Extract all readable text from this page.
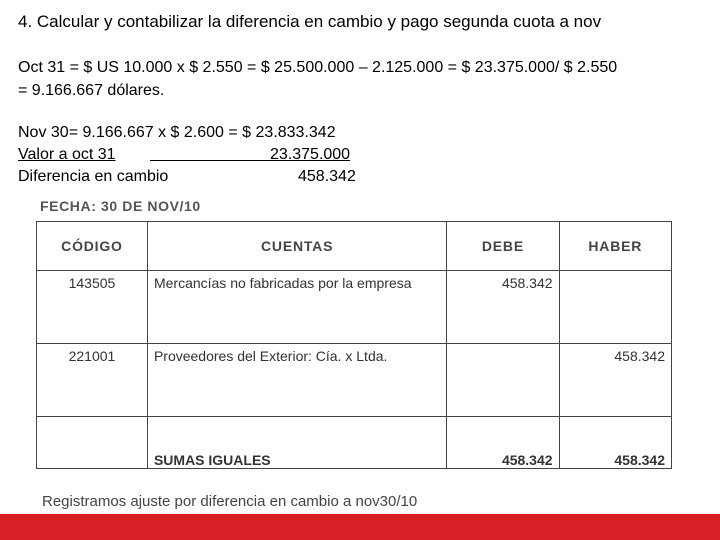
4. Calcular y contabilizar la diferencia en cambio y pago segunda cuota a nov
Oct 31 = $ US 10.000 x $ 2.550 = $ 25.500.000 – 2.125.000 = $ 23.375.000/ $ 2.550
= 9.166.667 dólares.
Nov 30= 9.166.667 x $ 2.600 = $ 23.833.342
Valor a oct 31	23.375.000
Diferencia en cambio	458.342
FECHA: 30 DE NOV/10
CÓDIGO	CUENTAS	DEBE	HABER
143505	Mercancías no fabricadas por la empresa	458.342	
221001	Proveedores del Exterior: Cía. x Ltda.		458.342
	SUMAS IGUALES	458.342	458.342
Registramos ajuste por diferencia en cambio a nov30/10
